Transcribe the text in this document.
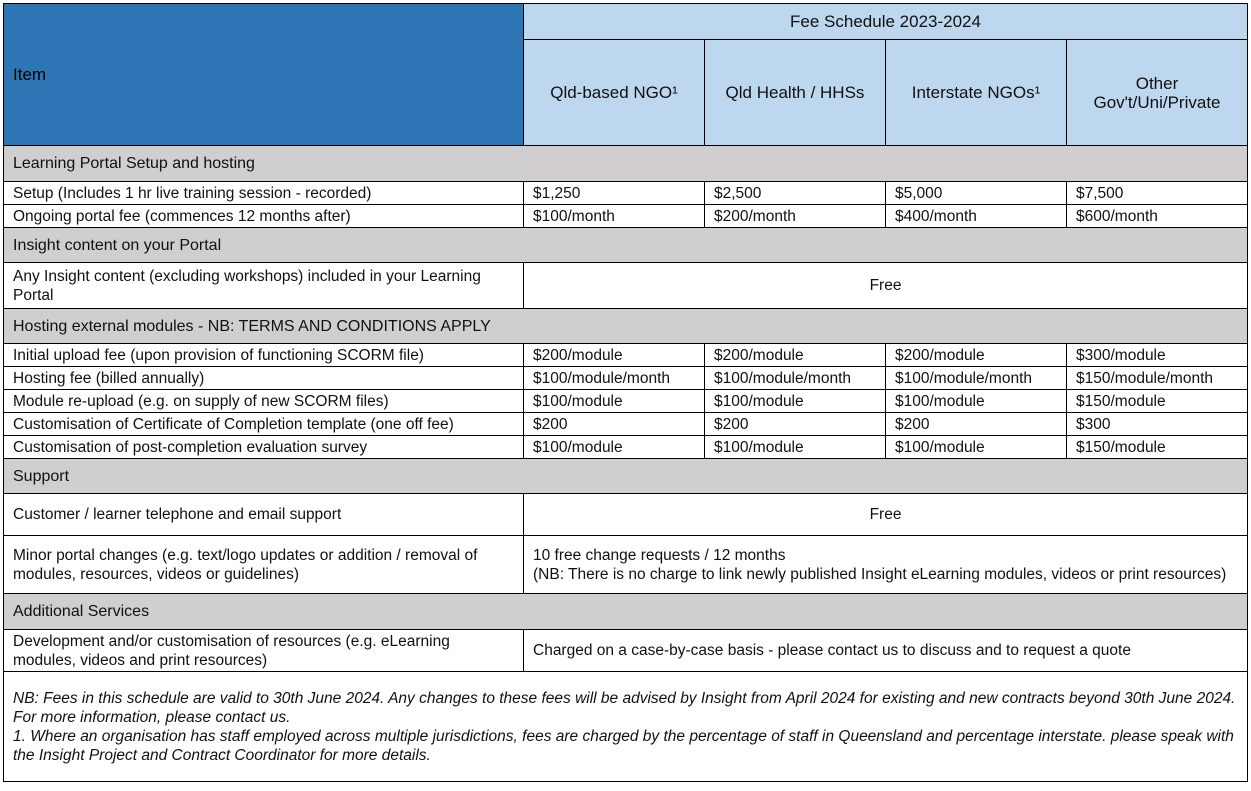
Item	Fee Schedule 2023-2024			
	Qld-based NGO¹	Qld Health / HHSs	Interstate NGOs¹	Other Gov't/Uni/Private
Learning Portal Setup and hosting				
Setup (Includes 1 hr live training session - recorded)	$1,250	$2,500	$5,000	$7,500
Ongoing portal fee (commences 12 months after)	$100/month	$200/month	$400/month	$600/month
Insight content on your Portal				
Any Insight content (excluding workshops) included in your Learning Portal	Free			
Hosting external modules - NB: TERMS AND CONDITIONS APPLY				
Initial upload fee (upon provision of functioning SCORM file)	$200/module	$200/module	$200/module	$300/module
Hosting fee (billed annually)	$100/module/month	$100/module/month	$100/module/month	$150/module/month
Module re-upload (e.g. on supply of new SCORM files)	$100/module	$100/module	$100/module	$150/module
Customisation of Certificate of Completion template (one off fee)	$200	$200	$200	$300
Customisation of post-completion evaluation survey	$100/module	$100/module	$100/module	$150/module
Support				
Customer / learner telephone and email support	Free			
Minor portal changes (e.g. text/logo updates or addition / removal of modules, resources, videos or guidelines)	10 free change requests / 12 months
(NB: There is no charge to link newly published Insight eLearning modules, videos or print resources)			

Additional Services				
Development and/or customisation of resources (e.g. eLearning modules, videos and print resources)	Charged on a case-by-case basis - please contact us to discuss and to request a quote			

NB: Fees in this schedule are valid to 30th June 2024. Any changes to these fees will be advised by Insight from April 2024 for existing and new contracts beyond 30th June 2024. For more information, please contact us.
1. Where an organisation has staff employed across multiple jurisdictions, fees are charged by the percentage of staff in Queensland and percentage interstate. please speak with the Insight Project and Contract Coordinator for more details.				
